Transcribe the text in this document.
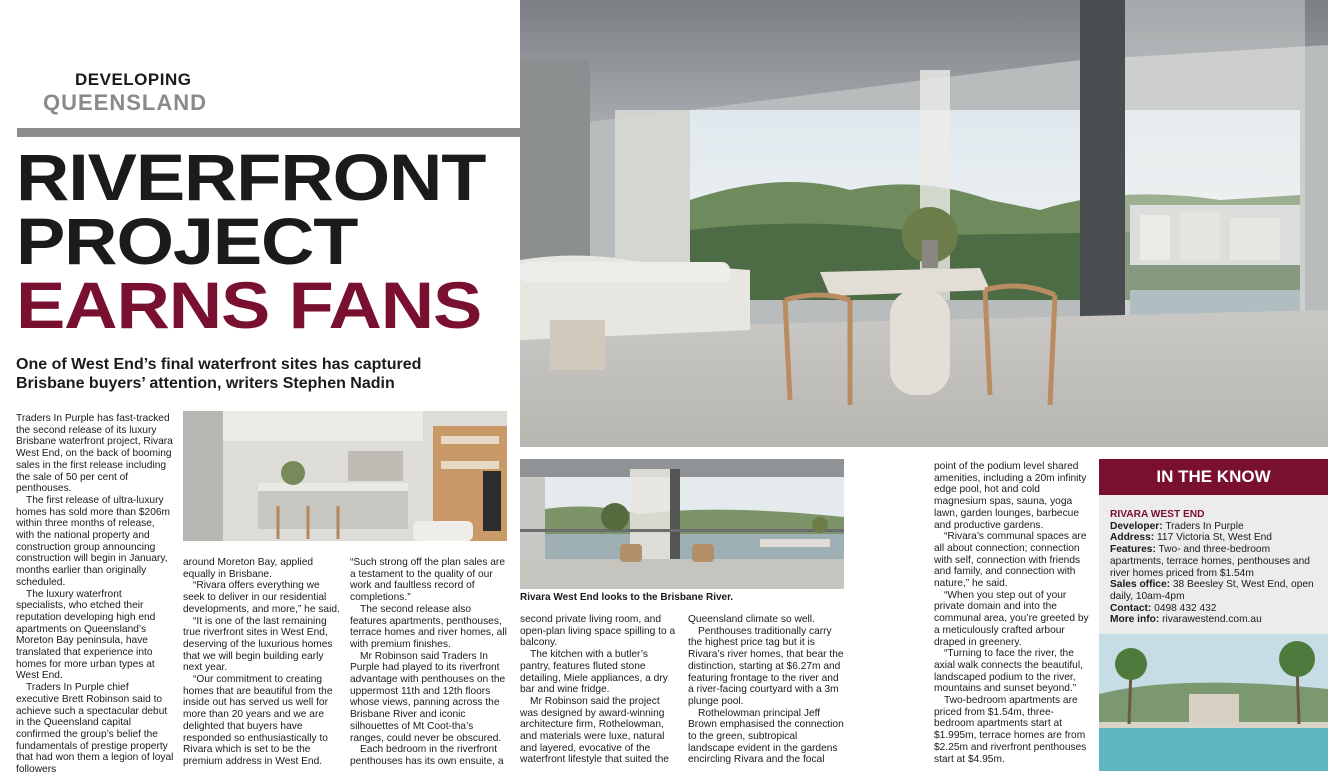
DEVELOPING
QUEENSLAND
RIVERFRONT
PROJECT
EARNS FANS
One of West End’s final waterfront sites has captured
Brisbane buyers’ attention, writers Stephen Nadin

Traders In Purple has fast-tracked the second release of its luxury Brisbane waterfront project, Rivara West End, on the back of booming sales in the first release including the sale of 50 per cent of penthouses.

The first release of ultra-luxury homes has sold more than $206m within three months of release, with the national property and construction group announcing construction will begin in January, months earlier than originally scheduled.

The luxury waterfront specialists, who etched their reputation developing high end apartments on Queensland’s Moreton Bay peninsula, have translated that experience into homes for more urban types at West End.

Traders In Purple chief executive Brett Robinson said to achieve such a spectacular debut in the Queensland capital confirmed the group’s belief the fundamentals of prestige property that had won them a legion of loyal followers

around Moreton Bay, applied equally in Brisbane.

“Rivara offers everything we seek to deliver in our residential developments, and more,” he said.

“It is one of the last remaining true riverfront sites in West End, deserving of the luxurious homes that we will begin building early next year.

“Our commitment to creating homes that are beautiful from the inside out has served us well for more than 20 years and we are delighted that buyers have responded so enthusiastically to Rivara which is set to be the premium address in West End.

“Such strong off the plan sales are a testament to the quality of our work and faultless record of completions.”

The second release also features apartments, penthouses, terrace homes and river homes, all with premium finishes.

Mr Robinson said Traders In Purple had played to its riverfront advantage with penthouses on the uppermost 11th and 12th floors whose views, panning across the Brisbane River and iconic silhouettes of Mt Coot-tha’s ranges, could never be obscured.

Each bedroom in the riverfront penthouses has its own ensuite, a

Rivara West End looks to the Brisbane River.

second private living room, and open-plan living space spilling to a balcony.

The kitchen with a butler’s pantry, features fluted stone detailing, Miele appliances, a dry bar and wine fridge.

Mr Robinson said the project was designed by award-winning architecture firm, Rothelowman, and materials were luxe, natural and layered, evocative of the waterfront lifestyle that suited the

Queensland climate so well.

Penthouses traditionally carry the highest price tag but it is Rivara’s river homes, that bear the distinction, starting at $6.27m and featuring frontage to the river and a river-facing courtyard with a 3m plunge pool.

Rothelowman principal Jeff Brown emphasised the connection to the green, subtropical landscape evident in the gardens encircling Rivara and the focal

point of the podium level shared amenities, including a 20m infinity edge pool, hot and cold magnesium spas, sauna, yoga lawn, garden lounges, barbecue and productive gardens.

“Rivara’s communal spaces are all about connection; connection with self, connection with friends and family, and connection with nature,” he said.

“When you step out of your private domain and into the communal area, you’re greeted by a meticulously crafted arbour draped in greenery.

“Turning to face the river, the axial walk connects the beautiful, landscaped podium to the river, mountains and sunset beyond.”

Two-bedroom apartments are priced from $1.54m, three-bedroom apartments start at $1.995m, terrace homes are from $2.25m and riverfront penthouses start at $4.95m.

IN THE KNOW
RIVARA WEST END
Developer: Traders In Purple
Address: 117 Victoria St, West End
Features: Two- and three-bedroom apartments, terrace homes, penthouses and river homes priced from $1.54m
Sales office: 38 Beesley St, West End, open daily, 10am-4pm
Contact: 0498 432 432
More info: rivarawestend.com.au
